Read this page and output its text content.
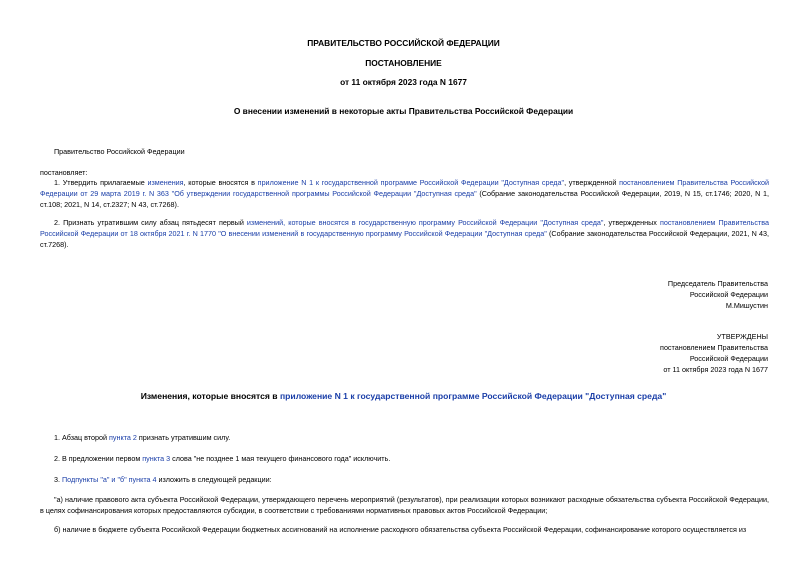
ПРАВИТЕЛЬСТВО РОССИЙСКОЙ ФЕДЕРАЦИИ
ПОСТАНОВЛЕНИЕ
от 11 октября 2023 года N 1677
О внесении изменений в некоторые акты Правительства Российской Федерации
Правительство Российской Федерации
постановляет:
1. Утвердить прилагаемые изменения, которые вносятся в приложение N 1 к государственной программе Российской Федерации "Доступная среда", утвержденной постановлением Правительства Российской Федерации от 29 марта 2019 г. N 363 "Об утверждении государственной программы Российской Федерации "Доступная среда" (Собрание законодательства Российской Федерации, 2019, N 15, ст.1746; 2020, N 1, ст.108; 2021, N 14, ст.2327; N 43, ст.7268).
2. Признать утратившим силу абзац пятьдесят первый изменений, которые вносятся в государственную программу Российской Федерации "Доступная среда", утвержденных постановлением Правительства Российской Федерации от 18 октября 2021 г. N 1770 "О внесении изменений в государственную программу Российской Федерации "Доступная среда" (Собрание законодательства Российской Федерации, 2021, N 43, ст.7268).
Председатель Правительства
Российской Федерации
М.Мишустин
УТВЕРЖДЕНЫ
постановлением Правительства
Российской Федерации
от 11 октября 2023 года N 1677
Изменения, которые вносятся в приложение N 1 к государственной программе Российской Федерации "Доступная среда"
1. Абзац второй пункта 2 признать утратившим силу.
2. В предложении первом пункта 3 слова "не позднее 1 мая текущего финансового года" исключить.
3. Подпункты "а" и "б" пункта 4 изложить в следующей редакции:
"а) наличие правового акта субъекта Российской Федерации, утверждающего перечень мероприятий (результатов), при реализации которых возникают расходные обязательства субъекта Российской Федерации, в целях софинансирования которых предоставляются субсидии, в соответствии с требованиями нормативных правовых актов Российской Федерации;
б) наличие в бюджете субъекта Российской Федерации бюджетных ассигнований на исполнение расходного обязательства субъекта Российской Федерации, софинансирование которого осуществляется из
